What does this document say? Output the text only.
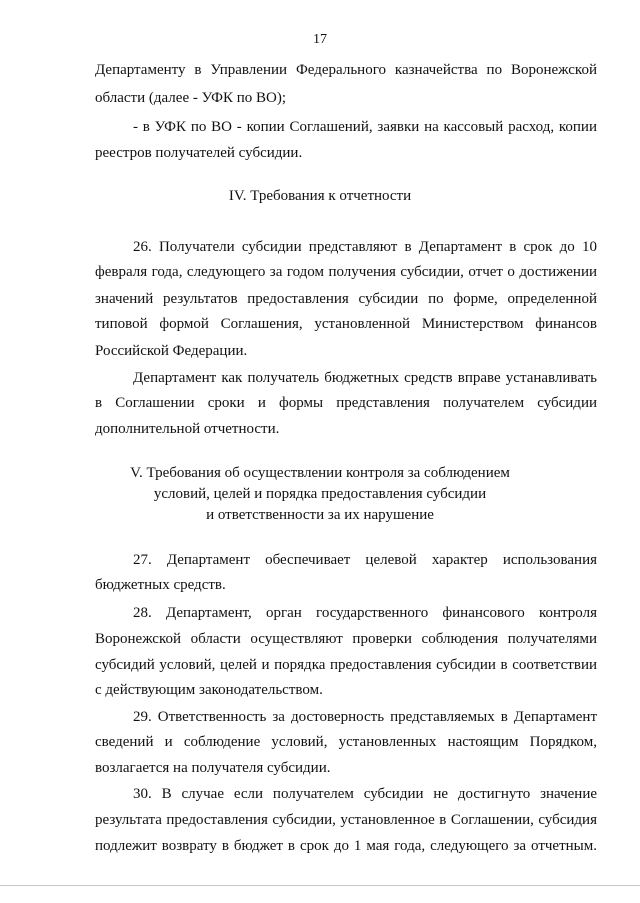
17
Департаменту в Управлении Федерального казначейства по Воронежской
области (далее - УФК по ВО);
- в УФК по ВО - копии Соглашений, заявки на кассовый расход, копии
реестров получателей субсидии.
IV. Требования к отчетности
26. Получатели субсидии представляют в Департамент в срок до 10
февраля года, следующего за годом получения субсидии, отчет о достижении
значений результатов предоставления субсидии по форме, определенной
типовой формой Соглашения, установленной Министерством финансов
Российской Федерации.
Департамент как получатель бюджетных средств вправе устанавливать
в Соглашении сроки и формы представления получателем субсидии
дополнительной отчетности.
V. Требования об осуществлении контроля за соблюдением
условий, целей и порядка предоставления субсидии
и ответственности за их нарушение
27. Департамент обеспечивает целевой характер использования
бюджетных средств.
28. Департамент, орган государственного финансового контроля
Воронежской области осуществляют проверки соблюдения получателями
субсидий условий, целей и порядка предоставления субсидии в соответствии
с действующим законодательством.
29. Ответственность за достоверность представляемых в Департамент
сведений и соблюдение условий, установленных настоящим Порядком,
возлагается на получателя субсидии.
30. В случае если получателем субсидии не достигнуто значение
результата предоставления субсидии, установленное в Соглашении, субсидия
подлежит возврату в бюджет в срок до 1 мая года, следующего за отчетным.
